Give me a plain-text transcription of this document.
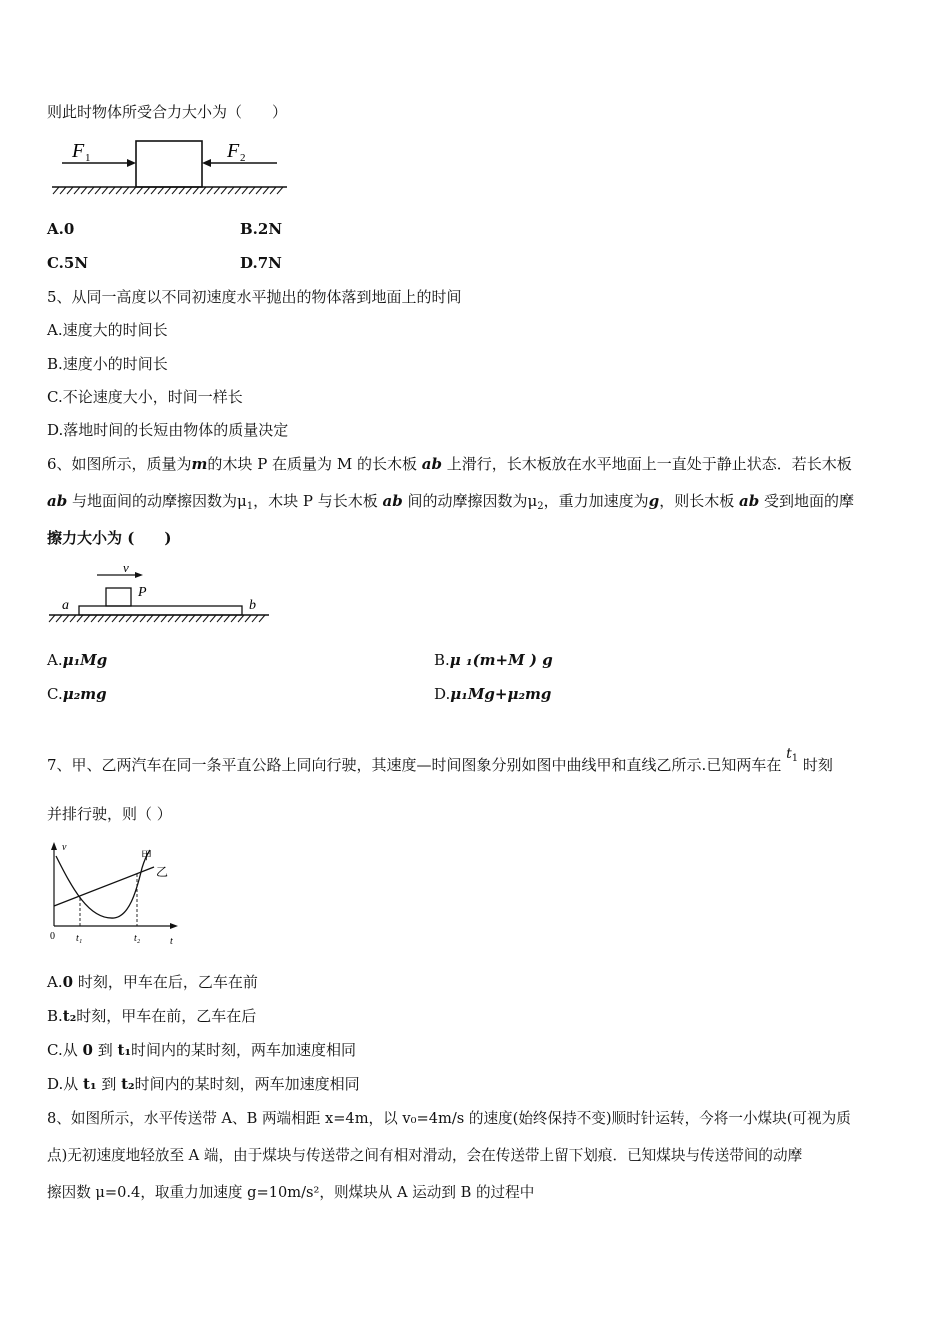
则此时物体所受合力大小为（　　）
F 1	F 2
A.0	B.2N
C.5N	D.7N
5、从同一高度以不同初速度水平抛出的物体落到地面上的时间
A.速度大的时间长
B.速度小的时间长
C.不论速度大小，时间一样长
D.落地时间的长短由物体的质量决定
6、如图所示，质量为m的木块 P 在质量为 M 的长木板 ab 上滑行，长木板放在水平地面上一直处于静止状态．若长木板
ab 与地面间的动摩擦因数为$\mu_1$，木块 P 与长木板 ab 间的动摩擦因数为$\mu_2$，重力加速度为g，则长木板 ab 受到地面的摩
擦力大小为 (　　)
v
P
a	b
A.μ₁Mg	B.μ ₁(m+M ) g
C.μ₂mg	D.μ₁Mg+μ₂mg
7、甲、乙两汽车在同一条平直公路上同向行驶，其速度—时间图象分别如图中曲线甲和直线乙所示.已知两车在 $t^1$ 时刻
并排行驶，则（ ）
v
t
0 t₁	t₂
甲
乙
A.0 时刻，甲车在后，乙车在前
B.t₂时刻，甲车在前，乙车在后
C.从 0 到 t₁时间内的某时刻，两车加速度相同
D.从 t₁ 到 t₂时间内的某时刻，两车加速度相同
8、如图所示，水平传送带 A、B 两端相距 x=4m，以 v₀=4m/s 的速度(始终保持不变)顺时针运转，今将一小煤块(可视为质
点)无初速度地轻放至 A 端，由于煤块与传送带之间有相对滑动，会在传送带上留下划痕．已知煤块与传送带间的动摩
擦因数 μ=0.4，取重力加速度 g=10m/s²，则煤块从 A 运动到 B 的过程中
